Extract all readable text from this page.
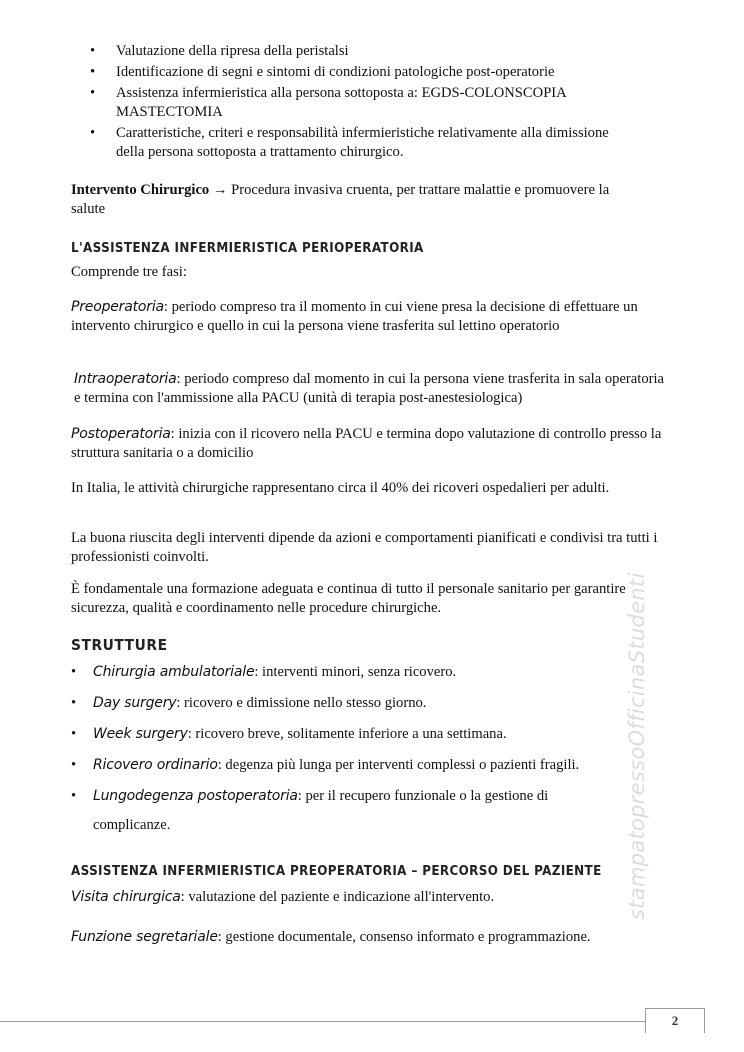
• Valutazione della ripresa della peristalsi
• Identificazione di segni e sintomi di condizioni patologiche post-operatorie
• Assistenza infermieristica alla persona sottoposta a: EGDS-COLONSCOPIA MASTECTOMIA
• Caratteristiche, criteri e responsabilità infermieristiche relativamente alla dimissione della persona sottoposta a trattamento chirurgico.

Intervento Chirurgico → Procedura invasiva cruenta, per trattare malattie e promuovere la salute

L'ASSISTENZA INFERMIERISTICA PERIOPERATORIA

Comprende tre fasi:

Preoperatoria: periodo compreso tra il momento in cui viene presa la decisione di effettuare un intervento chirurgico e quello in cui la persona viene trasferita sul lettino operatorio

Intraoperatoria: periodo compreso dal momento in cui la persona viene trasferita in sala operatoria e termina con l'ammissione alla PACU (unità di terapia post-anestesiologica)

Postoperatoria: inizia con il ricovero nella PACU e termina dopo valutazione di controllo presso la struttura sanitaria o a domicilio

In Italia, le attività chirurgiche rappresentano circa il 40% dei ricoveri ospedalieri per adulti.

La buona riuscita degli interventi dipende da azioni e comportamenti pianificati e condivisi tra tutti i professionisti coinvolti.

È fondamentale una formazione adeguata e continua di tutto il personale sanitario per garantire sicurezza, qualità e coordinamento nelle procedure chirurgiche.

STRUTTURE
• Chirurgia ambulatoriale: interventi minori, senza ricovero.
• Day surgery: ricovero e dimissione nello stesso giorno.
• Week surgery: ricovero breve, solitamente inferiore a una settimana.
• Ricovero ordinario: degenza più lunga per interventi complessi o pazienti fragili.
• Lungodegenza postoperatoria: per il recupero funzionale o la gestione di complicanze.
ASSISTENZA INFERMIERISTICA PREOPERATORIA – PERCORSO DEL PAZIENTE

Visita chirurgica: valutazione del paziente e indicazione all'intervento.

Funzione segretariale: gestione documentale, consenso informato e programmazione.

stampatopressoOfficinaStudenti
2
